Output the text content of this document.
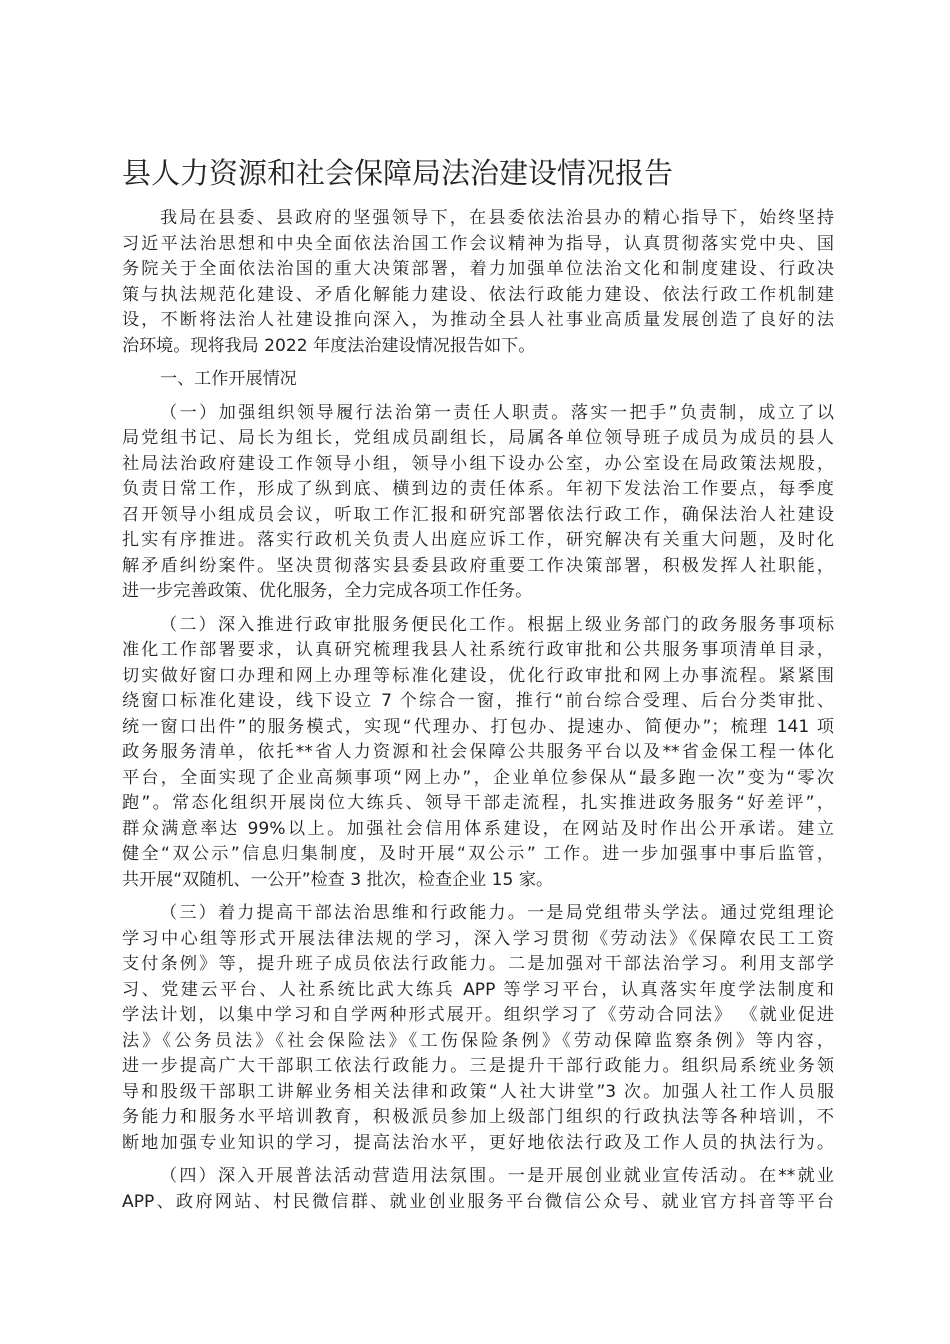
县人力资源和社会保障局法治建设情况报告

我局在县委、县政府的坚强领导下，在县委依法治县办的精心指导下，始终坚持
习近平法治思想和中央全面依法治国工作会议精神为指导，认真贯彻落实党中央、国
务院关于全面依法治国的重大决策部署，着力加强单位法治文化和制度建设、行政决
策与执法规范化建设、矛盾化解能力建设、依法行政能力建设、依法行政工作机制建
设，不断将法治人社建设推向深入，为推动全县人社事业高质量发展创造了良好的法
治环境。现将我局 2022 年度法治建设情况报告如下。

一、工作开展情况

（一）加强组织领导履行法治第一责任人职责。落实一把手”负责制，成立了以
局党组书记、局长为组长，党组成员副组长，局属各单位领导班子成员为成员的县人
社局法治政府建设工作领导小组，领导小组下设办公室，办公室设在局政策法规股，
负责日常工作，形成了纵到底、横到边的责任体系。年初下发法治工作要点，每季度
召开领导小组成员会议，听取工作汇报和研究部署依法行政工作，确保法治人社建设
扎实有序推进。落实行政机关负责人出庭应诉工作，研究解决有关重大问题，及时化
解矛盾纠纷案件。坚决贯彻落实县委县政府重要工作决策部署，积极发挥人社职能，
进一步完善政策、优化服务，全力完成各项工作任务。

（二）深入推进行政审批服务便民化工作。根据上级业务部门的政务服务事项标
准化工作部署要求，认真研究梳理我县人社系统行政审批和公共服务事项清单目录，
切实做好窗口办理和网上办理等标准化建设，优化行政审批和网上办事流程。紧紧围
绕窗口标准化建设，线下设立 7 个综合一窗，推行“前台综合受理、后台分类审批、
统一窗口出件”的服务模式，实现“代理办、打包办、提速办、简便办”；梳理 141 项
政务服务清单，依托**省人力资源和社会保障公共服务平台以及**省金保工程一体化
平台，全面实现了企业高频事项“网上办”，企业单位参保从“最多跑一次”变为“零次
跑”。常态化组织开展岗位大练兵、领导干部走流程，扎实推进政务服务“好差评”，
群众满意率达 99%以上。加强社会信用体系建设，在网站及时作出公开承诺。建立
健全“双公示”信息归集制度，及时开展“双公示” 工作。进一步加强事中事后监管，
共开展“双随机、一公开”检查 3 批次，检查企业 15 家。

（三）着力提高干部法治思维和行政能力。一是局党组带头学法。通过党组理论
学习中心组等形式开展法律法规的学习，深入学习贯彻《劳动法》《保障农民工工资
支付条例》等，提升班子成员依法行政能力。二是加强对干部法治学习。利用支部学
习、党建云平台、人社系统比武大练兵 APP 等学习平台，认真落实年度学法制度和
学法计划，以集中学习和自学两种形式展开。组织学习了《劳动合同法》 《就业促进
法》《公务员法》《社会保险法》《工伤保险条例》《劳动保障监察条例》等内容，
进一步提高广大干部职工依法行政能力。三是提升干部行政能力。组织局系统业务领
导和股级干部职工讲解业务相关法律和政策“人社大讲堂”3 次。加强人社工作人员服
务能力和服务水平培训教育，积极派员参加上级部门组织的行政执法等各种培训，不
断地加强专业知识的学习，提高法治水平，更好地依法行政及工作人员的执法行为。

（四）深入开展普法活动营造用法氛围。一是开展创业就业宣传活动。在**就业
APP、政府网站、村民微信群、就业创业服务平台微信公众号、就业官方抖音等平台
